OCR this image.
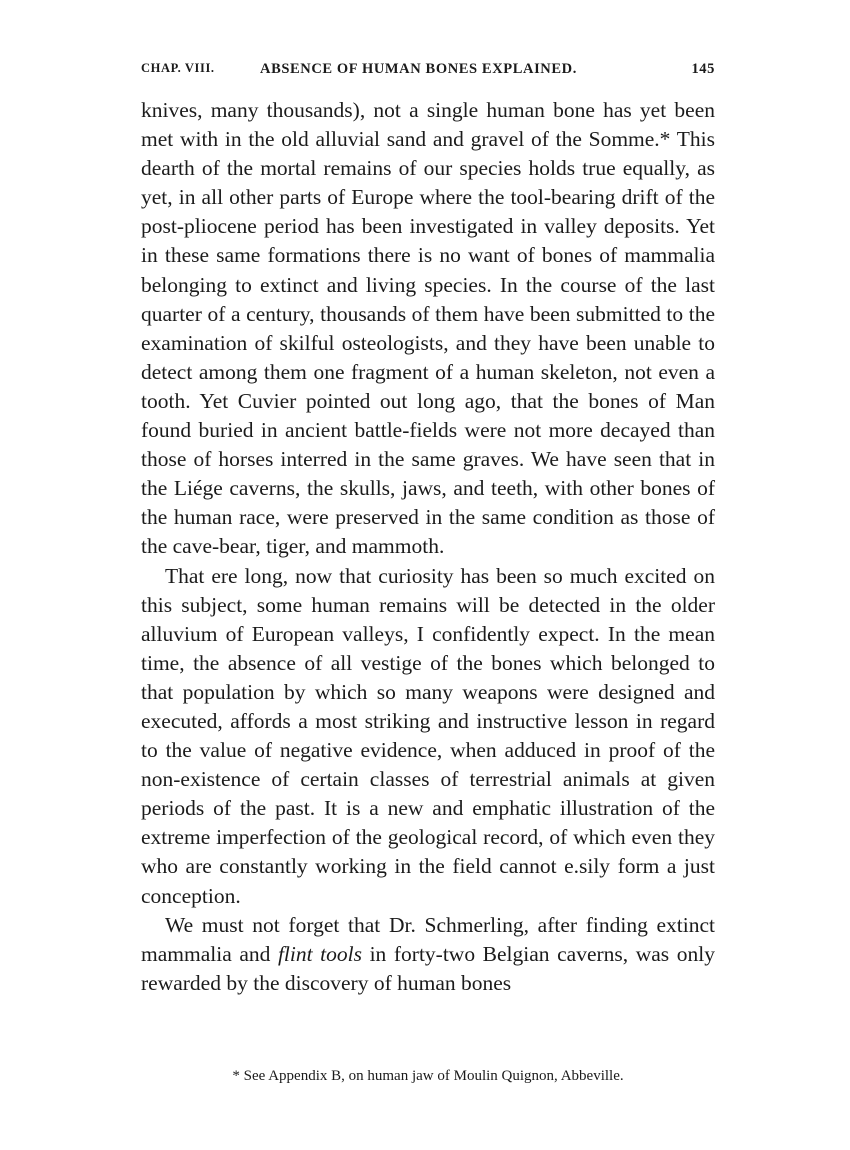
CHAP. VIII.	ABSENCE OF HUMAN BONES EXPLAINED.	145

knives, many thousands), not a single human bone has yet been met with in the old alluvial sand and gravel of the Somme.* This dearth of the mortal remains of our species holds true equally, as yet, in all other parts of Europe where the tool-bearing drift of the post-pliocene period has been investigated in valley deposits. Yet in these same formations there is no want of bones of mammalia belonging to extinct and living species. In the course of the last quarter of a century, thousands of them have been submitted to the examination of skilful osteologists, and they have been unable to detect among them one fragment of a human skeleton, not even a tooth. Yet Cuvier pointed out long ago, that the bones of Man found buried in ancient battle-fields were not more decayed than those of horses interred in the same graves. We have seen that in the Liége caverns, the skulls, jaws, and teeth, with other bones of the human race, were preserved in the same condition as those of the cave-bear, tiger, and mammoth.

That ere long, now that curiosity has been so much excited on this subject, some human remains will be detected in the older alluvium of European valleys, I confidently expect. In the mean time, the absence of all vestige of the bones which belonged to that population by which so many weapons were designed and executed, affords a most striking and instructive lesson in regard to the value of negative evidence, when adduced in proof of the non-existence of certain classes of terrestrial animals at given periods of the past. It is a new and emphatic illustration of the extreme imperfection of the geological record, of which even they who are constantly working in the field cannot e.sily form a just conception.

We must not forget that Dr. Schmerling, after finding extinct mammalia and flint tools in forty-two Belgian caverns, was only rewarded by the discovery of human bones

* See Appendix B, on human jaw of Moulin Quignon, Abbeville.
